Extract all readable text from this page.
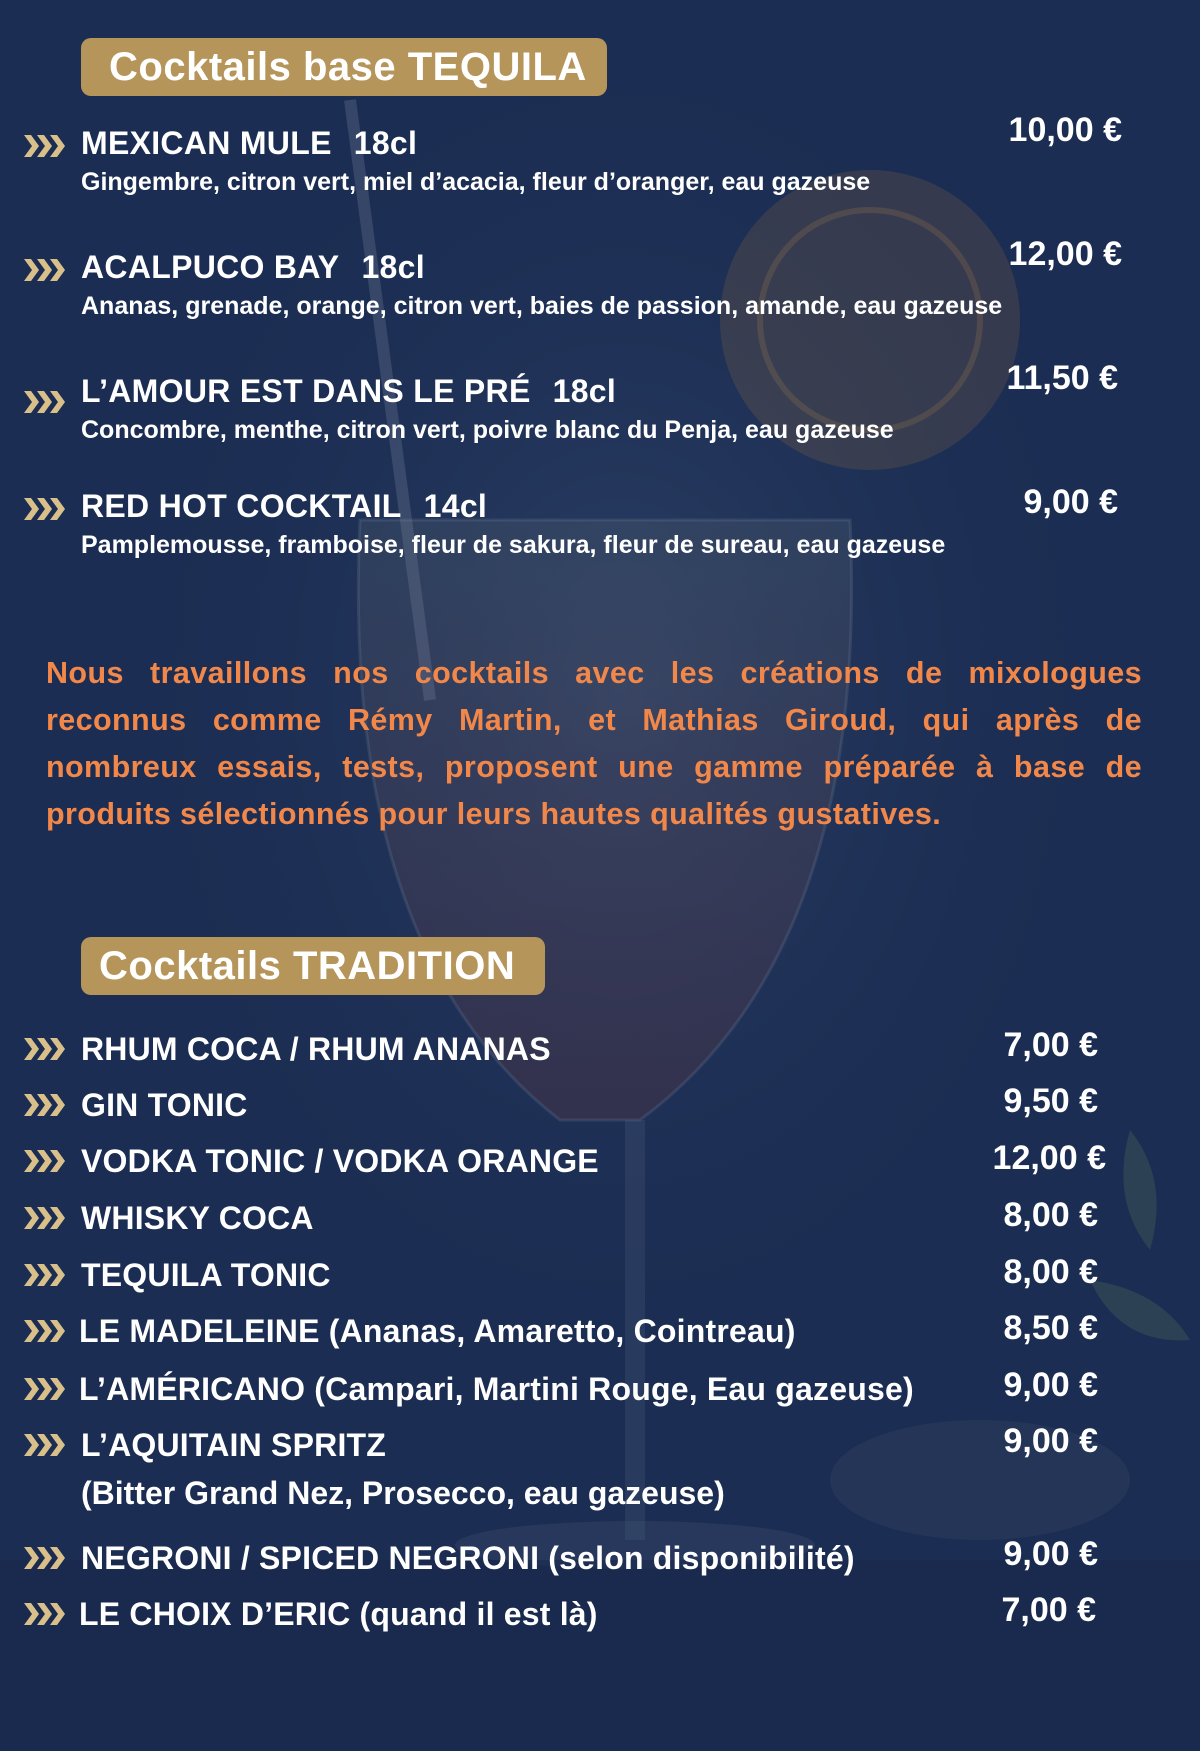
Cocktails base TEQUILA
MEXICAN MULE 18cl
Gingembre, citron vert, miel d’acacia, fleur d’oranger, eau gazeuse
10,00 €
ACALPUCO BAY 18cl
Ananas, grenade, orange, citron vert, baies de passion, amande, eau gazeuse
12,00 €
L’AMOUR EST DANS LE PRÉ 18cl
Concombre, menthe, citron vert, poivre blanc du Penja, eau gazeuse
11,50 €
RED HOT COCKTAIL 14cl
Pamplemousse, framboise, fleur de sakura, fleur de sureau, eau gazeuse
9,00 €
Nous travaillons nos cocktails avec les créations de mixologues reconnus comme Rémy Martin, et Mathias Giroud, qui après de nombreux essais, tests, proposent une gamme préparée à base de produits sélectionnés pour leurs hautes qualités gustatives.
Cocktails TRADITION
RHUM COCA / RHUM ANANAS	7,00 €
GIN TONIC	9,50 €
VODKA TONIC / VODKA ORANGE	12,00 €
WHISKY COCA	8,00 €
TEQUILA TONIC	8,00 €
LE MADELEINE (Ananas, Amaretto, Cointreau)	8,50 €
L’AMÉRICANO (Campari, Martini Rouge, Eau gazeuse)	9,00 €
L’AQUITAIN SPRITZ
(Bitter Grand Nez, Prosecco, eau gazeuse)
9,00 €
NEGRONI / SPICED NEGRONI (selon disponibilité)	9,00 €
LE CHOIX D’ERIC (quand il est là)	7,00 €
